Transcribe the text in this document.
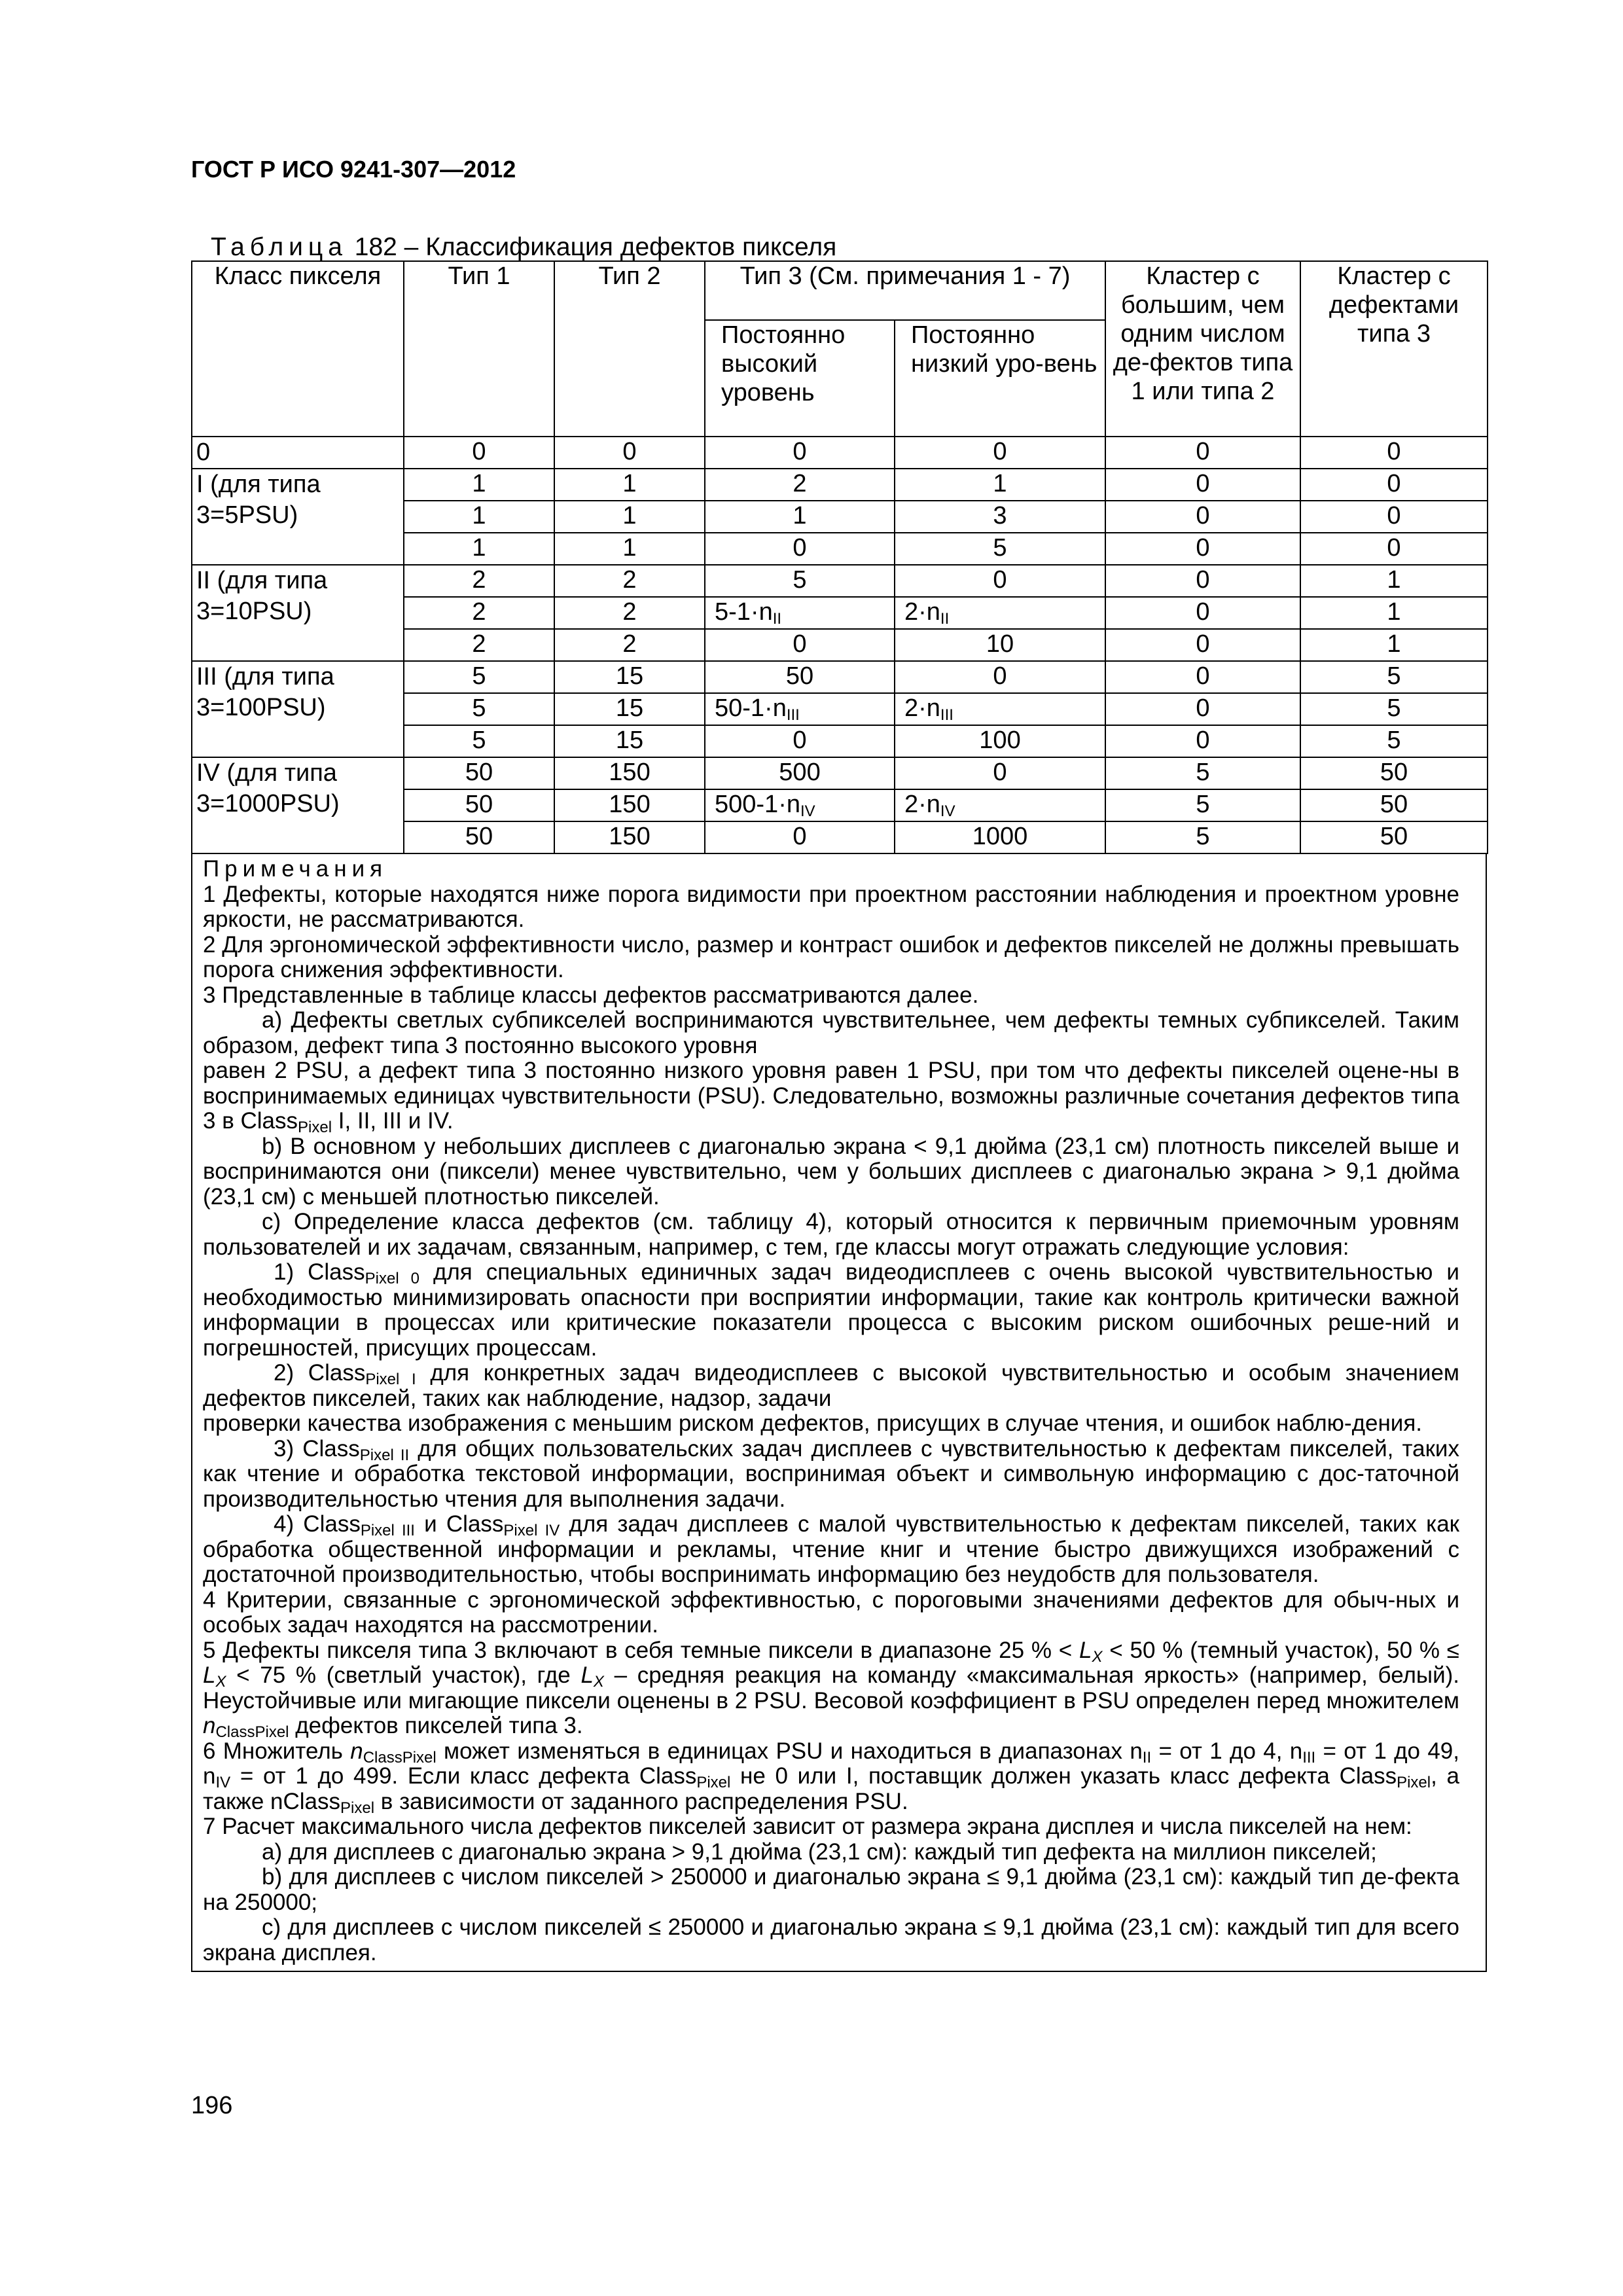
ГОСТ Р ИСО 9241-307—2012
Таблица 182 – Классификация дефектов пикселя
Класс пикселя	Тип 1	Тип 2	Тип 3 (См. примечания 1 - 7)		Кластер с большим, чем одним числом де-фектов типа 1 или типа 2	Кластер с дефектами типа 3
			Постоянно высокий уровень	Постоянно низкий уро-вень		
0	0	0	0	0	0	0
I (для типа 3=5PSU)	1	1	2	1	0	0
	1	1	1	3	0	0
	1	1	0	5	0	0
II (для типа 3=10PSU)	2	2	5	0	0	1
	2	2	$5-1\cdot n_{II}$	$2\cdot n_{II}$	0	1
	2	2	0	10	0	1
III (для типа 3=100PSU)	5	15	50	0	0	5
	5	15	$50-1\cdot n_{III}$	$2\cdot n_{III}$	0	5
	5	15	0	100	0	5
IV (для типа 3=1000PSU)	50	150	500	0	5	50
	50	150	$500-1\cdot n_{IV}$	$2\cdot n_{IV}$	5	50
	50	150	0	1000	5	50

Примечания

1 Дефекты, которые находятся ниже порога видимости при проектном расстоянии наблюдения и проектном уровне яркости, не рассматриваются.

2 Для эргономической эффективности число, размер и контраст ошибок и дефектов пикселей не должны превышать порога снижения эффективности.

3 Представленные в таблице классы дефектов рассматриваются далее.

a) Дефекты светлых субпикселей воспринимаются чувствительнее, чем дефекты темных субпикселей. Таким образом, дефект типа 3 постоянно высокого уровня

равен 2 PSU, а дефект типа 3 постоянно низкого уровня равен 1 PSU, при том что дефекты пикселей оцене-ны в воспринимаемых единицах чувствительности (PSU). Следовательно, возможны различные сочетания дефектов типа 3 в Class$_{Pixel}$ I, II, III и IV.

b) В основном у небольших дисплеев с диагональю экрана < 9,1 дюйма (23,1 см) плотность пикселей выше и воспринимаются они (пиксели) менее чувствительно, чем у больших дисплеев с диагональю экрана > 9,1 дюйма (23,1 см) с меньшей плотностью пикселей.

c) Определение класса дефектов (см. таблицу 4), который относится к первичным приемочным уровням пользователей и их задачам, связанным, например, с тем, где классы могут отражать следующие условия:

1) Class$_{Pixel 0}$ для специальных единичных задач видеодисплеев с очень высокой чувствительностью и необходимостью минимизировать опасности при восприятии информации, такие как контроль критически важной информации в процессах или критические показатели процесса с высоким риском ошибочных реше-ний и погрешностей, присущих процессам.

2) Class$_{Pixel I}$ для конкретных задач видеодисплеев с высокой чувствительностью и особым значением дефектов пикселей, таких как наблюдение, надзор, задачи

проверки качества изображения с меньшим риском дефектов, присущих в случае чтения, и ошибок наблю-дения.

3) Class$_{Pixel II}$ для общих пользовательских задач дисплеев с чувствительностью к дефектам пикселей, таких как чтение и обработка текстовой информации, воспринимая объект и символьную информацию с дос-таточной производительностью чтения для выполнения задачи.

4) Class$_{Pixel III}$ и Class$_{Pixel IV}$ для задач дисплеев с малой чувствительностью к дефектам пикселей, таких как обработка общественной информации и рекламы, чтение книг и чтение быстро движущихся изображений с достаточной производительностью, чтобы воспринимать информацию без неудобств для пользователя.

4 Критерии, связанные с эргономической эффективностью, с пороговыми значениями дефектов для обыч-ных и особых задач находятся на рассмотрении.

5 Дефекты пикселя типа 3 включают в себя темные пиксели в диапазоне 25 % < $L_X < 50$ % (темный участок), 50 % ≤ $L_X < 75$ % (светлый участок), где $L_X$ – средняя реакция на команду «максимальная яркость» (например, белый). Неустойчивые или мигающие пиксели оценены в 2 PSU. Весовой коэффициент в PSU определен перед множителем $n_{ClassPixel}$ дефектов пикселей типа 3.

6 Множитель $n_{ClassPixel}$ может изменяться в единицах PSU и находиться в диапазонах $n_{II}$ = от 1 до 4, $n_{III}$ = от 1 до 49, $n_{IV}$ = от 1 до 499. Если класс дефекта Class$_{Pixel}$ не 0 или I, поставщик должен указать класс дефекта Class$_{Pixel}$, а также nClass$_{Pixel}$ в зависимости от заданного распределения PSU.

7 Расчет максимального числа дефектов пикселей зависит от размера экрана дисплея и числа пикселей на нем:

a) для дисплеев с диагональю экрана > 9,1 дюйма (23,1 см): каждый тип дефекта на миллион пикселей;

b) для дисплеев с числом пикселей > 250000 и диагональю экрана ≤ 9,1 дюйма (23,1 см): каждый тип де-фекта на 250000;

c) для дисплеев с числом пикселей ≤ 250000 и диагональю экрана ≤ 9,1 дюйма (23,1 см): каждый тип для всего экрана дисплея.

196
